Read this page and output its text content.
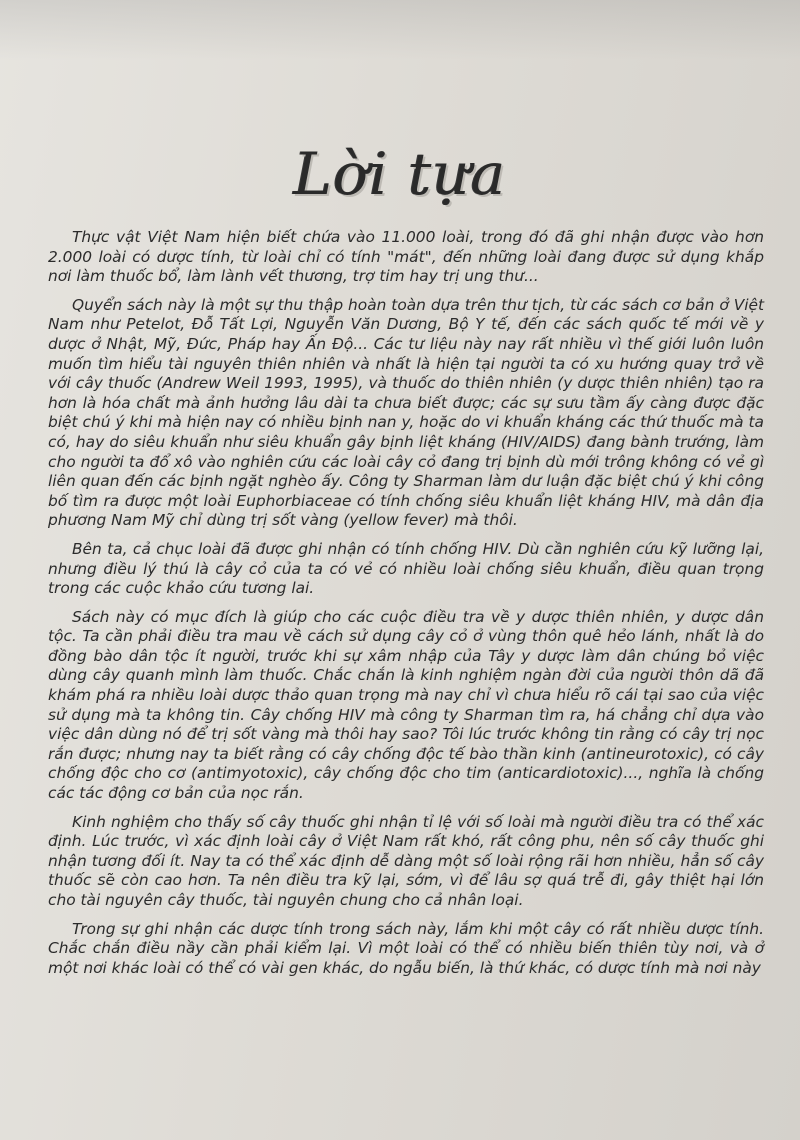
Lời tựa

Thực vật Việt Nam hiện biết chứa vào 11.000 loài, trong đó đã ghi nhận được vào hơn 2.000 loài có dược tính, từ loài chỉ có tính "mát", đến những loài đang được sử dụng khắp nơi làm thuốc bổ, làm lành vết thương, trợ tim hay trị ung thư...

Quyển sách này là một sự thu thập hoàn toàn dựa trên thư tịch, từ các sách cơ bản ở Việt Nam như Petelot, Đỗ Tất Lợi, Nguyễn Văn Dương, Bộ Y tế, đến các sách quốc tế mới về y dược ở Nhật, Mỹ, Đức, Pháp hay Ấn Độ... Các tư liệu này nay rất nhiều vì thế giới luôn luôn muốn tìm hiểu tài nguyên thiên nhiên và nhất là hiện tại người ta có xu hướng quay trở về với cây thuốc (Andrew Weil 1993, 1995), và thuốc do thiên nhiên (y dược thiên nhiên) tạo ra hơn là hóa chất mà ảnh hưởng lâu dài ta chưa biết được; các sự sưu tầm ấy càng được đặc biệt chú ý khi mà hiện nay có nhiều bịnh nan y, hoặc do vi khuẩn kháng các thứ thuốc mà ta có, hay do siêu khuẩn như siêu khuẩn gây bịnh liệt kháng (HIV/AIDS) đang bành trướng, làm cho người ta đổ xô vào nghiên cứu các loài cây cỏ đang trị bịnh dù mới trông không có vẻ gì liên quan đến các bịnh ngặt nghèo ấy. Công ty Sharman làm dư luận đặc biệt chú ý khi công bố tìm ra được một loài Euphorbiaceae có tính chống siêu khuẩn liệt kháng HIV, mà dân địa phương Nam Mỹ chỉ dùng trị sốt vàng (yellow fever) mà thôi.

Bên ta, cả chục loài đã được ghi nhận có tính chống HIV. Dù cần nghiên cứu kỹ lưỡng lại, nhưng điều lý thú là cây cỏ của ta có vẻ có nhiều loài chống siêu khuẩn, điều quan trọng trong các cuộc khảo cứu tương lai.

Sách này có mục đích là giúp cho các cuộc điều tra về y dược thiên nhiên, y dược dân tộc. Ta cần phải điều tra mau về cách sử dụng cây cỏ ở vùng thôn quê hẻo lánh, nhất là do đồng bào dân tộc ít người, trước khi sự xâm nhập của Tây y dược làm dân chúng bỏ việc dùng cây quanh mình làm thuốc. Chắc chắn là kinh nghiệm ngàn đời của người thôn dã đã khám phá ra nhiều loài dược thảo quan trọng mà nay chỉ vì chưa hiểu rõ cái tại sao của việc sử dụng mà ta không tin. Cây chống HIV mà công ty Sharman tìm ra, há chẳng chỉ dựa vào việc dân dùng nó để trị sốt vàng mà thôi hay sao? Tôi lúc trước không tin rằng có cây trị nọc rắn được; nhưng nay ta biết rằng có cây chống độc tế bào thần kinh (antineurotoxic), có cây chống độc cho cơ (antimyotoxic), cây chống độc cho tim (anticardiotoxic)..., nghĩa là chống các tác động cơ bản của nọc rắn.

Kinh nghiệm cho thấy số cây thuốc ghi nhận tỉ lệ với số loài mà người điều tra có thể xác định. Lúc trước, vì xác định loài cây ở Việt Nam rất khó, rất công phu, nên số cây thuốc ghi nhận tương đối ít. Nay ta có thể xác định dễ dàng một số loài rộng rãi hơn nhiều, hẳn số cây thuốc sẽ còn cao hơn. Ta nên điều tra kỹ lại, sớm, vì để lâu sợ quá trễ đi, gây thiệt hại lớn cho tài nguyên cây thuốc, tài nguyên chung cho cả nhân loại.

Trong sự ghi nhận các dược tính trong sách này, lắm khi một cây có rất nhiều dược tính. Chắc chắn điều nầy cần phải kiểm lại. Vì một loài có thể có nhiều biến thiên tùy nơi, và ở một nơi khác loài có thể có vài gen khác, do ngẫu biến, là thứ khác, có dược tính mà nơi này
